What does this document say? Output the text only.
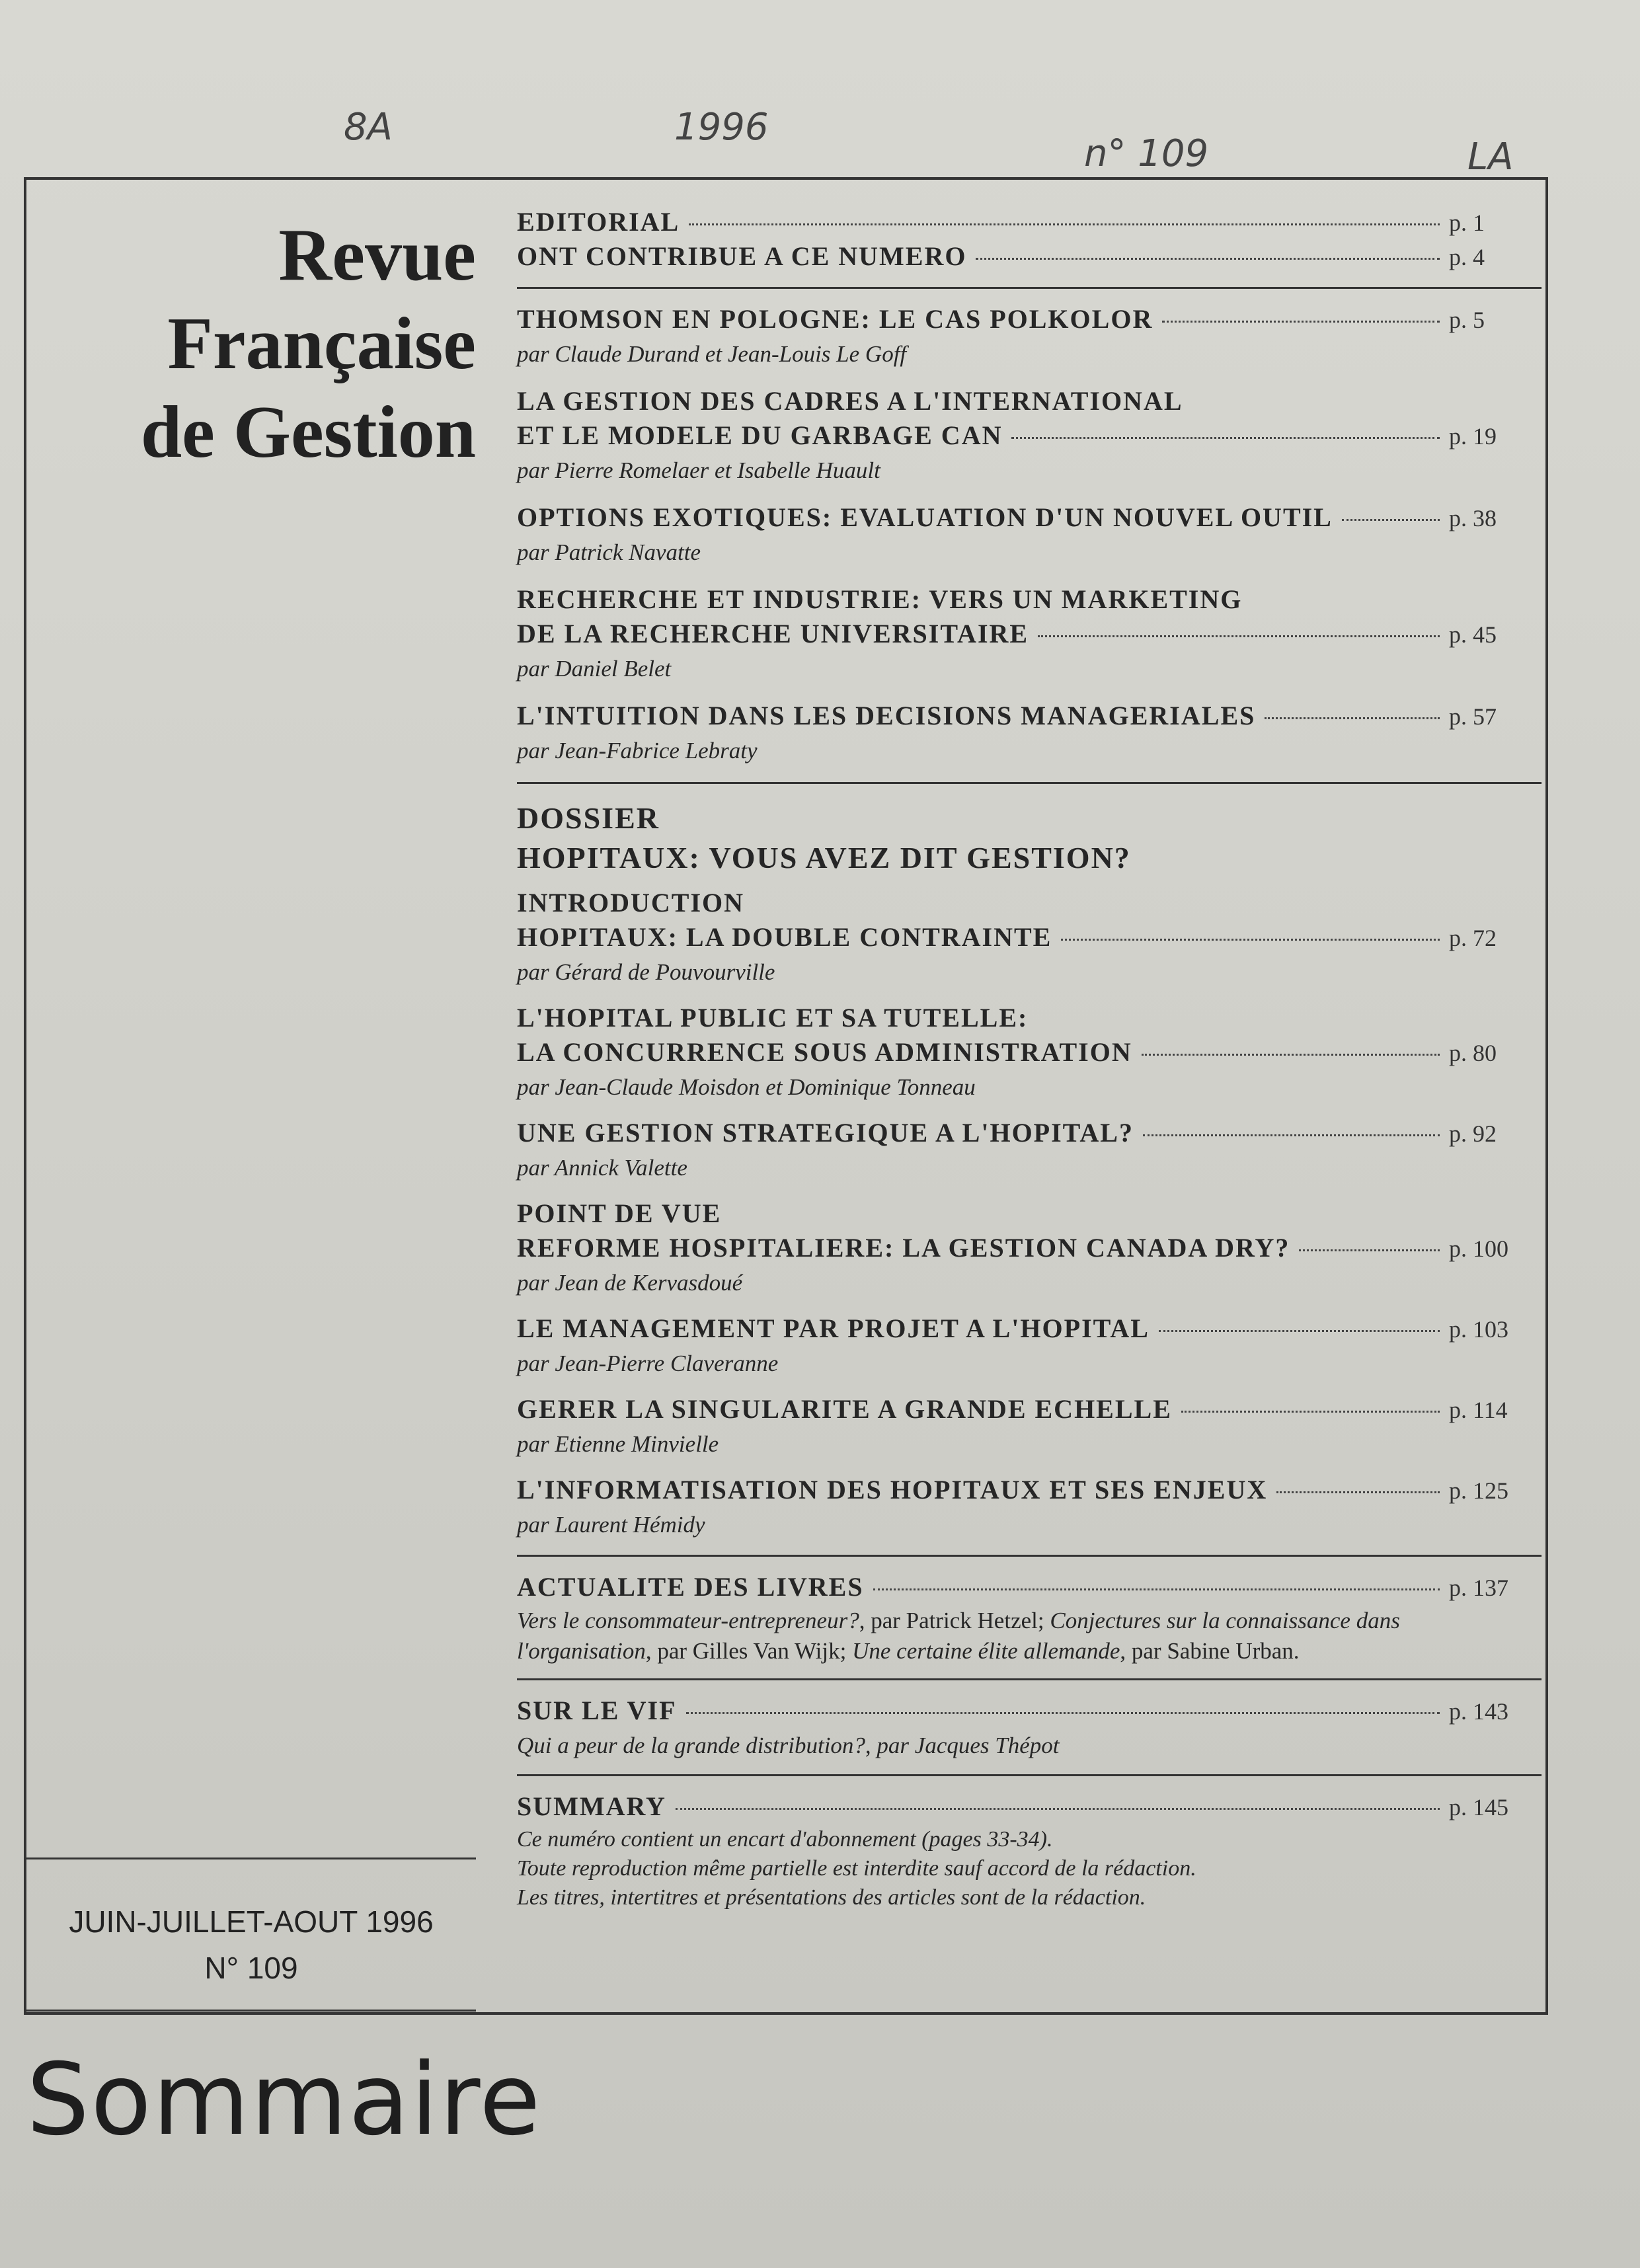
8A	1996
n° 109	LA
Revue
Française
de Gestion
JUIN-JUILLET-AOUT 1996
N° 109
Sommaire
EDITORIAL	p. 1
ONT CONTRIBUE A CE NUMERO	p. 4
THOMSON EN POLOGNE: LE CAS POLKOLOR	p. 5
par Claude Durand et Jean-Louis Le Goff
LA GESTION DES CADRES A L'INTERNATIONAL
ET LE MODELE DU GARBAGE CAN	p. 19
par Pierre Romelaer et Isabelle Huault
OPTIONS EXOTIQUES: EVALUATION D'UN NOUVEL OUTIL	p. 38
par Patrick Navatte
RECHERCHE ET INDUSTRIE: VERS UN MARKETING
DE LA RECHERCHE UNIVERSITAIRE	p. 45
par Daniel Belet
L'INTUITION DANS LES DECISIONS MANAGERIALES	p. 57
par Jean-Fabrice Lebraty
DOSSIER
HOPITAUX: VOUS AVEZ DIT GESTION?
INTRODUCTION
HOPITAUX: LA DOUBLE CONTRAINTE	p. 72
par Gérard de Pouvourville
L'HOPITAL PUBLIC ET SA TUTELLE:
LA CONCURRENCE SOUS ADMINISTRATION	p. 80
par Jean-Claude Moisdon et Dominique Tonneau
UNE GESTION STRATEGIQUE A L'HOPITAL?	p. 92
par Annick Valette
POINT DE VUE
REFORME HOSPITALIERE: LA GESTION CANADA DRY?	p. 100
par Jean de Kervasdoué
LE MANAGEMENT PAR PROJET A L'HOPITAL	p. 103
par Jean-Pierre Claveranne
GERER LA SINGULARITE A GRANDE ECHELLE	p. 114
par Etienne Minvielle
L'INFORMATISATION DES HOPITAUX ET SES ENJEUX	p. 125
par Laurent Hémidy
ACTUALITE DES LIVRES	p. 137
Vers le consommateur-entrepreneur?, par Patrick Hetzel; Conjectures sur la connaissance dans l'organisation, par Gilles Van Wijk; Une certaine élite allemande, par Sabine Urban.
SUR LE VIF	p. 143
Qui a peur de la grande distribution?, par Jacques Thépot
SUMMARY	p. 145
Ce numéro contient un encart d'abonnement (pages 33-34).
Toute reproduction même partielle est interdite sauf accord de la rédaction.
Les titres, intertitres et présentations des articles sont de la rédaction.
